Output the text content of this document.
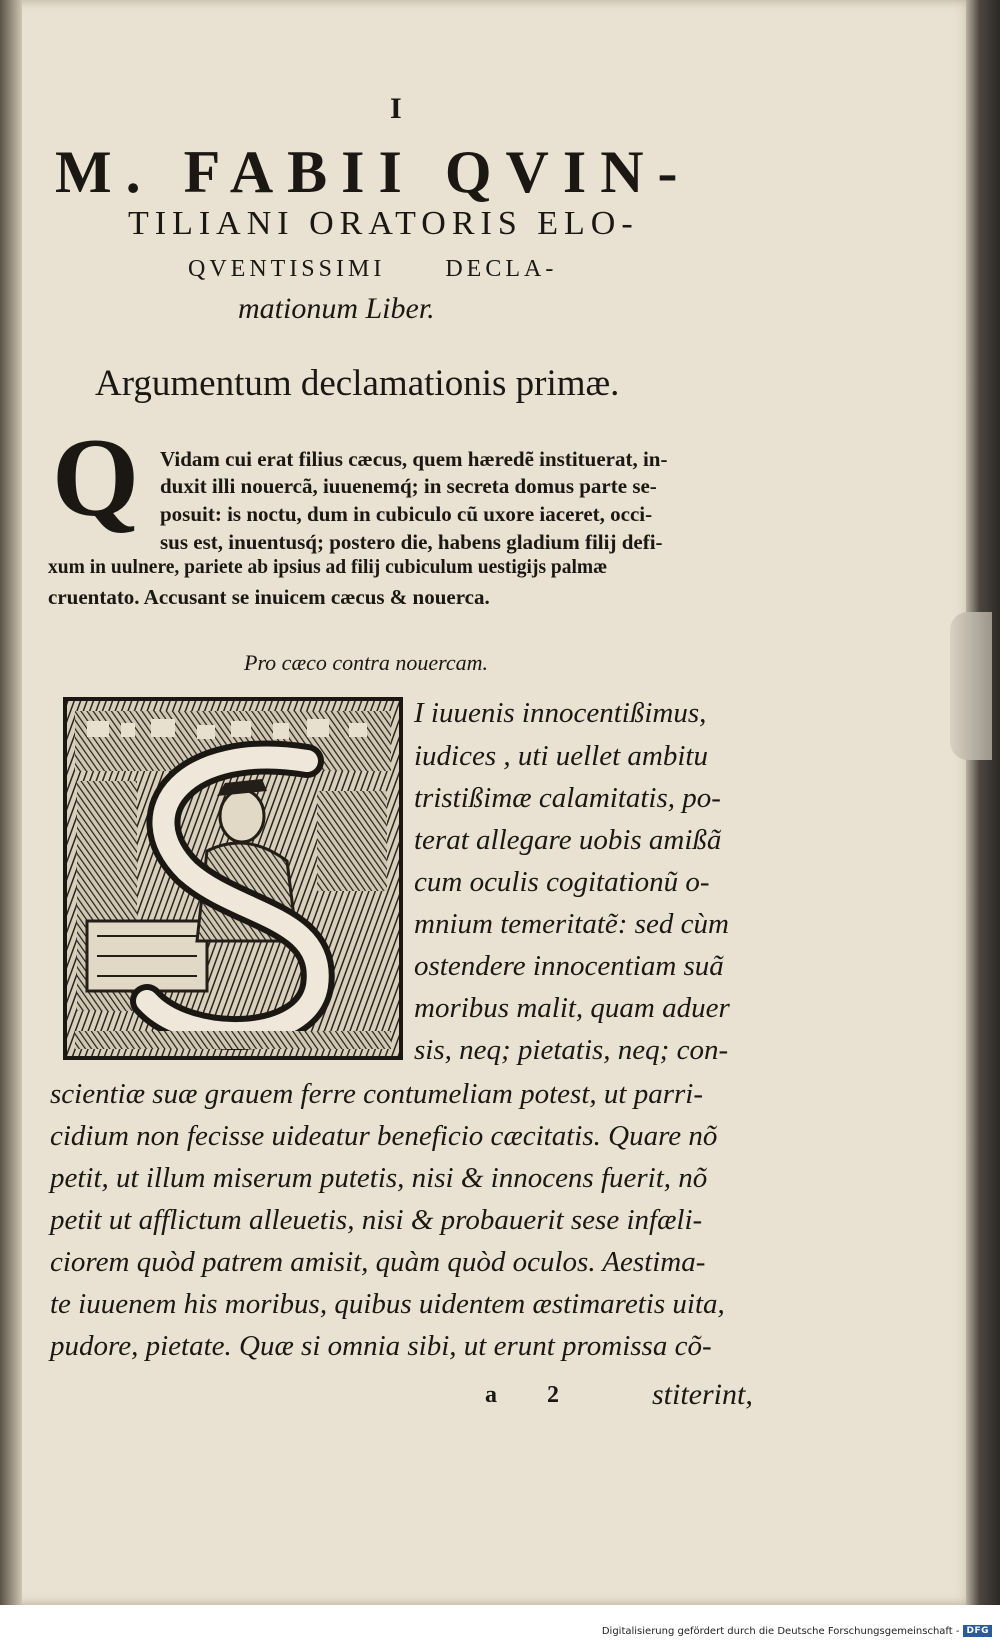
I
M. FABII QVIN-
TILIANI ORATORIS ELO-
QVENTISSIMI	DECLA-
mationum Liber.
Argumentum declamationis primæ.
Q Vidam cui erat filius cæcus, quem hæredẽ instituerat, in-
duxit illi nouercã, iuuenemq́; in secreta domus parte se-
posuit: is noctu, dum in cubiculo cũ uxore iaceret, occi-
sus est, inuentusq́; postero die, habens gladium filij defi-
xum in uulnere, pariete ab ipsius ad filij cubiculum uestigijs palmæ
cruentato. Accusant se inuicem cæcus & nouerca.
Pro cæco contra nouercam.
I iuuenis innocentißimus,
iudices , uti uellet ambitu
tristißimæ calamitatis, po-
terat allegare uobis amißã
cum oculis cogitationũ o-
mnium temeritatẽ: sed cùm
ostendere innocentiam suã
moribus malit, quam aduer
sis, neq; pietatis, neq; con-
scientiæ suæ grauem ferre contumeliam potest, ut parri-
cidium non fecisse uideatur beneficio cæcitatis. Quare nõ
petit, ut illum miserum putetis, nisi & innocens fuerit, nõ
petit ut afflictum alleuetis, nisi & probauerit sese infæli-
ciorem quòd patrem amisit, quàm quòd oculos. Aestima-
te iuuenem his moribus, quibus uidentem æstimaretis uita,
pudore, pietate. Quæ si omnia sibi, ut erunt promissa cõ-
a 2 stiterint,
Digitalisierung gefördert durch die Deutsche Forschungsgemeinschaft - DFG
